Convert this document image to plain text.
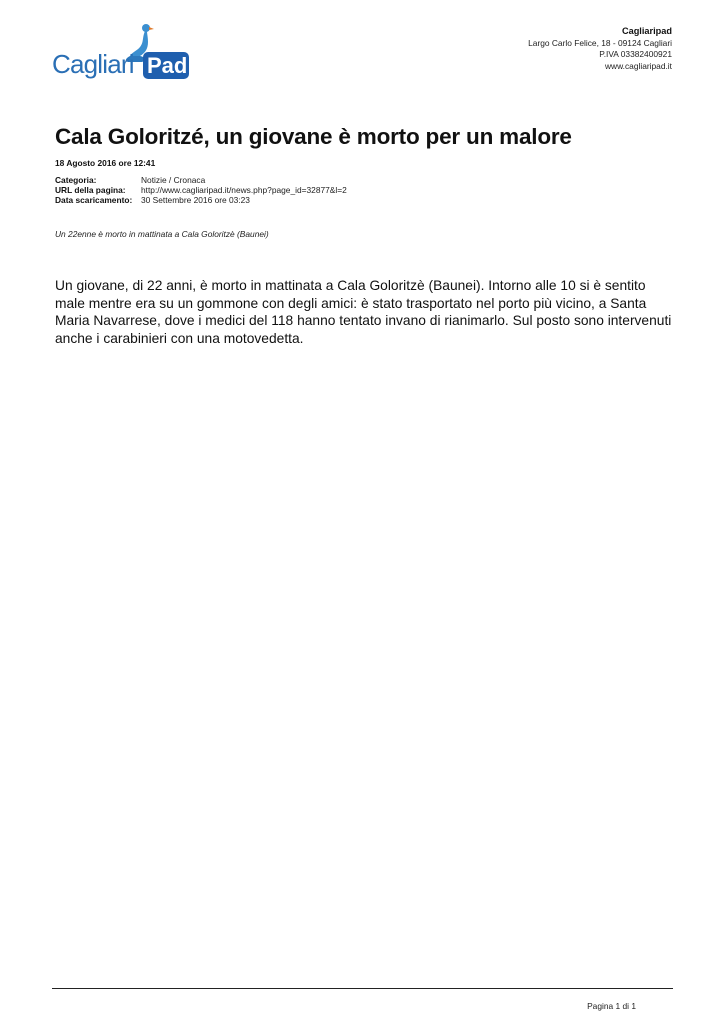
Cagliari Pad
Cagliaripad
Largo Carlo Felice, 18 - 09124 Cagliari
P.IVA 03382400921
www.cagliaripad.it
Cala Goloritzé, un giovane è morto per un malore
18 Agosto 2016 ore 12:41
Categoria:	Notizie / Cronaca
URL della pagina:	http://www.cagliaripad.it/news.php?page_id=32877&l=2
Data scaricamento:	30 Settembre 2016 ore 03:23
Un 22enne è morto in mattinata a Cala Goloritzè (Baunei)

Un giovane, di 22 anni, è morto in mattinata a Cala Goloritzè (Baunei). Intorno alle 10 si è sentito male mentre era su un gommone con degli amici: è stato trasportato nel porto più vicino, a Santa Maria Navarrese, dove i medici del 118 hanno tentato invano di rianimarlo. Sul posto sono intervenuti anche i carabinieri con una motovedetta.

Pagina 1 di 1
